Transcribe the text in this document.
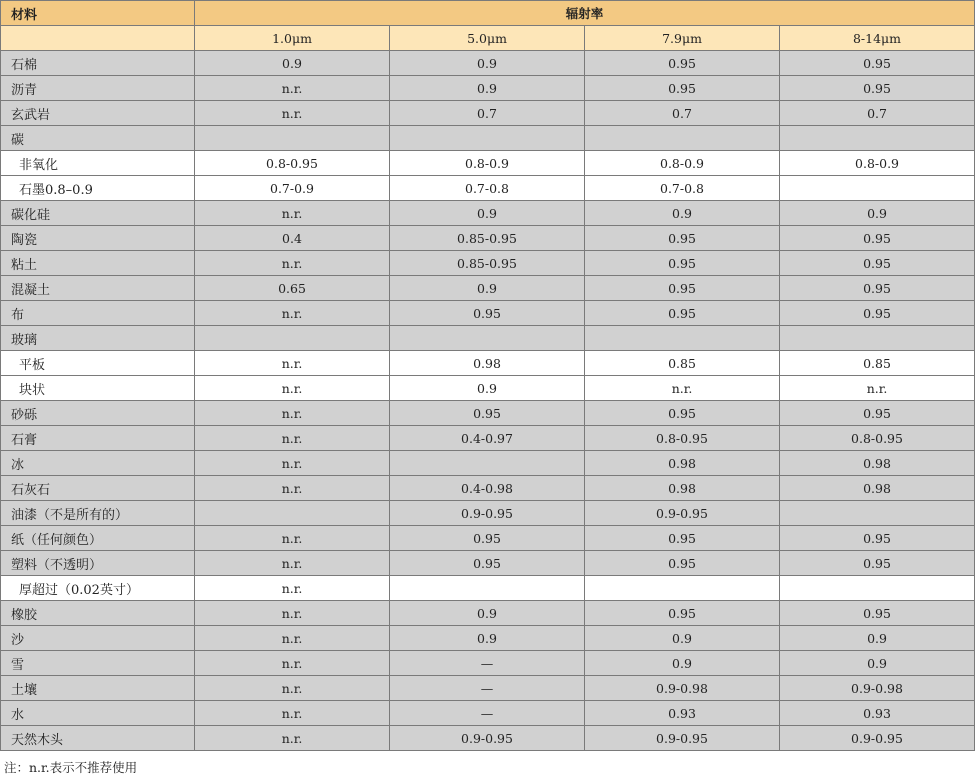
材料	辐射率			
	1.0μm	5.0μm	7.9μm	8-14μm
石棉	0.9	0.9	0.95	0.95
沥青	n.r.	0.9	0.95	0.95
玄武岩	n.r.	0.7	0.7	0.7
碳				
非氧化	0.8-0.95	0.8-0.9	0.8-0.9	0.8-0.9
石墨0.8–0.9	0.7-0.9	0.7-0.8	0.7-0.8	
碳化硅	n.r.	0.9	0.9	0.9
陶瓷	0.4	0.85-0.95	0.95	0.95
粘土	n.r.	0.85-0.95	0.95	0.95
混凝土	0.65	0.9	0.95	0.95
布	n.r.	0.95	0.95	0.95
玻璃				
平板	n.r.	0.98	0.85	0.85
块状	n.r.	0.9	n.r.	n.r.
砂砾	n.r.	0.95	0.95	0.95
石膏	n.r.	0.4-0.97	0.8-0.95	0.8-0.95
冰	n.r.		0.98	0.98
石灰石	n.r.	0.4-0.98	0.98	0.98
油漆（不是所有的）		0.9-0.95	0.9-0.95	
纸（任何颜色）	n.r.	0.95	0.95	0.95
塑料（不透明）	n.r.	0.95	0.95	0.95
厚超过（0.02英寸）	n.r.			
橡胶	n.r.	0.9	0.95	0.95
沙	n.r.	0.9	0.9	0.9
雪	n.r.	—	0.9	0.9
土壤	n.r.	—	0.9-0.98	0.9-0.98
水	n.r.	—	0.93	0.93
天然木头	n.r.	0.9-0.95	0.9-0.95	0.9-0.95
注：n.r.表示不推荐使用
